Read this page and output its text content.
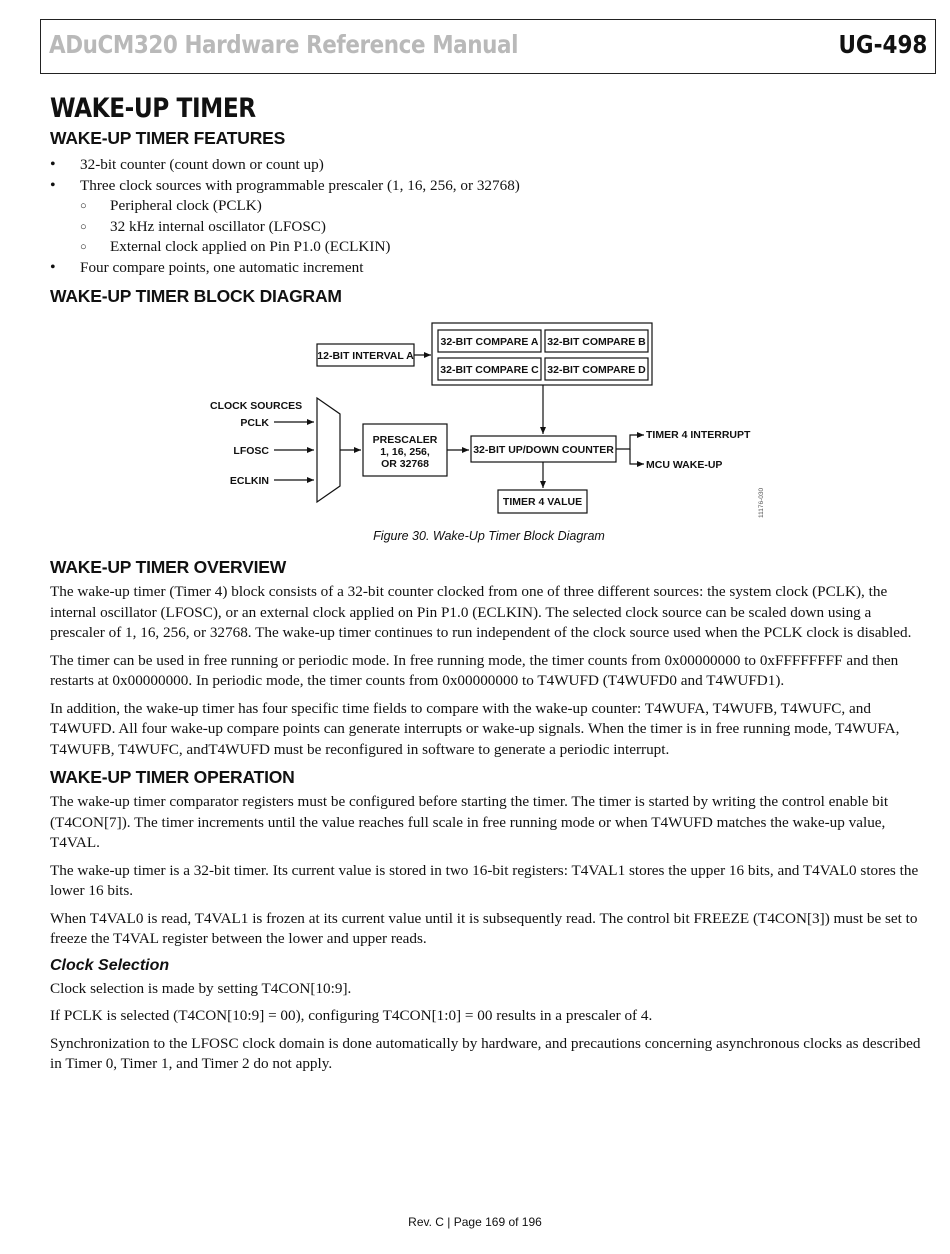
ADuCM320 Hardware Reference Manual	UG-498
WAKE-UP TIMER
WAKE-UP TIMER FEATURES
• 32-bit counter (count down or count up)
• Three clock sources with programmable prescaler (1, 16, 256, or 32768)
○ Peripheral clock (PCLK)
○ 32 kHz internal oscillator (LFOSC)
○ External clock applied on Pin P1.0 (ECLKIN)
• Four compare points, one automatic increment
WAKE-UP TIMER BLOCK DIAGRAM
32-BIT COMPARE A 32-BIT COMPARE B
32-BIT COMPARE C 32-BIT COMPARE D
12-BIT INTERVAL A
CLOCK SOURCES
PCLK
LFOSC
ECLKIN
PRESCALER
1, 16, 256,
OR 32768
32-BIT UP/DOWN COUNTER
TIMER 4 INTERRUPT
MCU WAKE-UP
TIMER 4 VALUE	11176-030
Figure 30. Wake-Up Timer Block Diagram
WAKE-UP TIMER OVERVIEW

The wake-up timer (Timer 4) block consists of a 32-bit counter clocked from one of three different sources: the system clock (PCLK), the internal oscillator (LFOSC), or an external clock applied on Pin P1.0 (ECLKIN). The selected clock source can be scaled down using a prescaler of 1, 16, 256, or 32768. The wake-up timer continues to run independent of the clock source used when the PCLK clock is disabled.

The timer can be used in free running or periodic mode. In free running mode, the timer counts from 0x00000000 to 0xFFFFFFFF and then restarts at 0x00000000. In periodic mode, the timer counts from 0x00000000 to T4WUFD (T4WUFD0 and T4WUFD1).

In addition, the wake-up timer has four specific time fields to compare with the wake-up counter: T4WUFA, T4WUFB, T4WUFC, and T4WUFD. All four wake-up compare points can generate interrupts or wake-up signals. When the timer is in free running mode, T4WUFA, T4WUFB, T4WUFC, andT4WUFD must be reconfigured in software to generate a periodic interrupt.

WAKE-UP TIMER OPERATION

The wake-up timer comparator registers must be configured before starting the timer. The timer is started by writing the control enable bit (T4CON[7]). The timer increments until the value reaches full scale in free running mode or when T4WUFD matches the wake-up value, T4VAL.

The wake-up timer is a 32-bit timer. Its current value is stored in two 16-bit registers: T4VAL1 stores the upper 16 bits, and T4VAL0 stores the lower 16 bits.

When T4VAL0 is read, T4VAL1 is frozen at its current value until it is subsequently read. The control bit FREEZE (T4CON[3]) must be set to freeze the T4VAL register between the lower and upper reads.

Clock Selection

Clock selection is made by setting T4CON[10:9].

If PCLK is selected (T4CON[10:9] = 00), configuring T4CON[1:0] = 00 results in a prescaler of 4.

Synchronization to the LFOSC clock domain is done automatically by hardware, and precautions concerning asynchronous clocks as described in Timer 0, Timer 1, and Timer 2 do not apply.

Rev. C | Page 169 of 196
